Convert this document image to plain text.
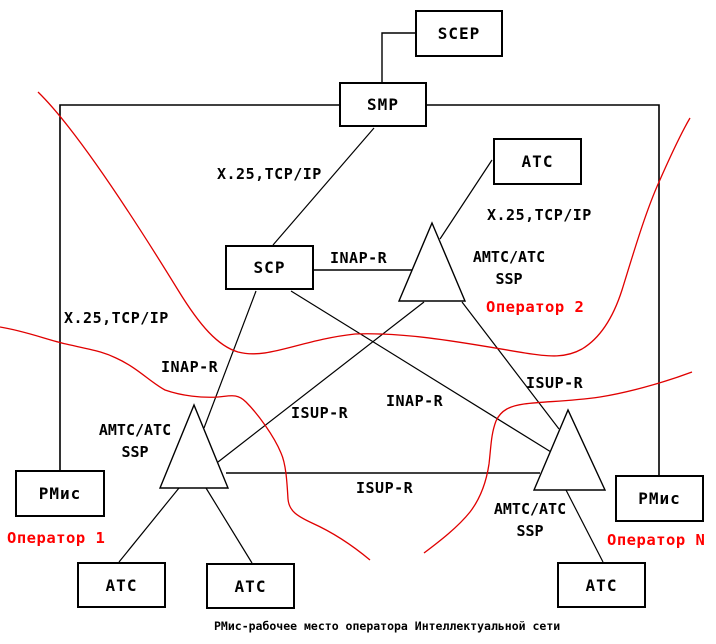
SCEP
SMP
АТС
SCP
РМис	РМис
АТС	АТС	АТС
X.25,TCP/IP
X.25,TCP/IP
X.25,TCP/IP
INAP-R
INAP-R
INAP-R
ISUP-R
ISUP-R
ISUP-R
АМТС/АТС
SSP
АМТС/АТС
SSP
АМТС/АТС
SSP
Оператор 1
Оператор 2
Оператор N
РМис-рабочее место оператора Интеллектуальной сети
